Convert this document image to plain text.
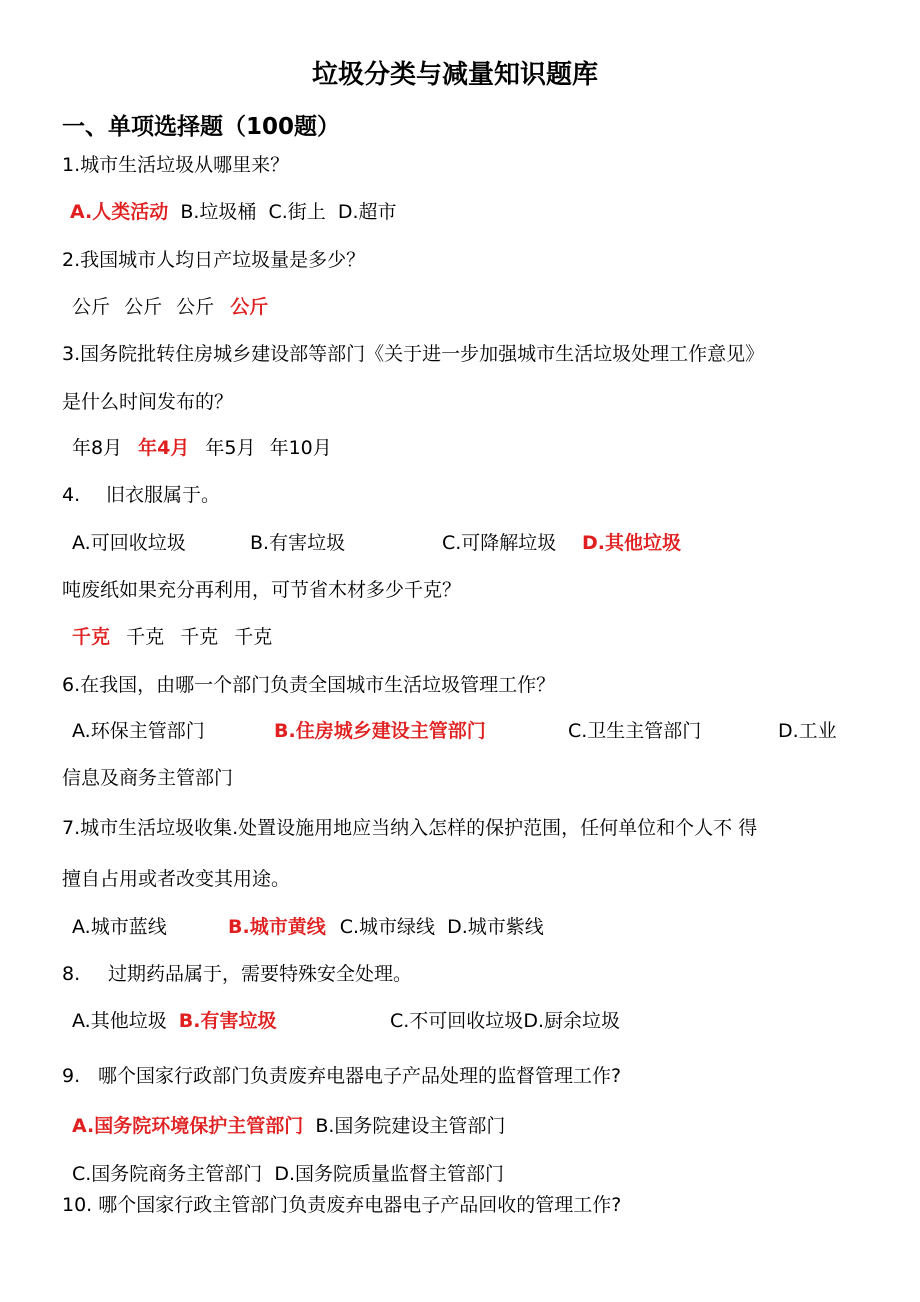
垃圾分类与减量知识题库
一、单项选择题（100题）
1.城市生活垃圾从哪里来？
A.人类活动 B.垃圾桶 C.街上 D.超市
2.我国城市人均日产垃圾量是多少？
公斤 公斤 公斤 公斤
3.国务院批转住房城乡建设部等部门《关于进一步加强城市生活垃圾处理工作意见》
是什么时间发布的？
年8月 年4月 年5月 年10月
4. 旧衣服属于。
A.可回收垃圾	B.有害垃圾	C.可降解垃圾 D.其他垃圾
吨废纸如果充分再利用，可节省木材多少千克？
千克 千克 千克 千克
6.在我国，由哪一个部门负责全国城市生活垃圾管理工作？
A.环保主管部门	B.住房城乡建设主管部门	C.卫生主管部门	D.工业
信息及商务主管部门
7.城市生活垃圾收集.处置设施用地应当纳入怎样的保护范围，任何单位和个人不 得
擅自占用或者改变其用途。
A.城市蓝线	B.城市黄线 C.城市绿线 D.城市紫线
8. 过期药品属于，需要特殊安全处理。
A.其他垃圾 B.有害垃圾	C.不可回收垃圾D.厨余垃圾
9. 哪个国家行政部门负责废弃电器电子产品处理的监督管理工作?
A.国务院环境保护主管部门 B.国务院建设主管部门
C.国务院商务主管部门 D.国务院质量监督主管部门
10. 哪个国家行政主管部门负责废弃电器电子产品回收的管理工作?
